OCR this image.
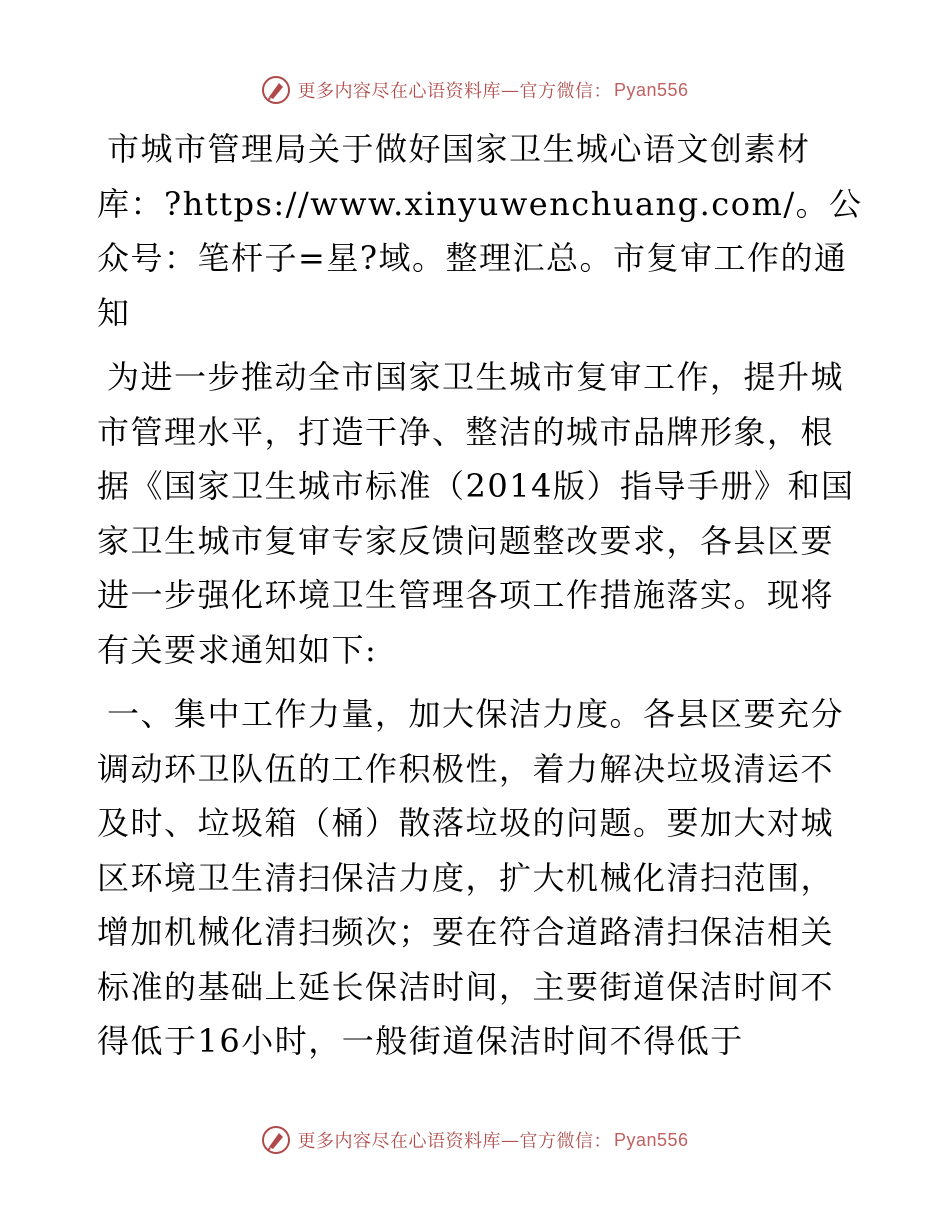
更多内容尽在心语资料库 — 官方微信： Pyan556

市城市管理局关于做好国家卫生城心语文创素材库：?https://www.xinyuwenchuang.com/。公众号：笔杆子=星?域。整理汇总。市复审工作的通知

为进一步推动全市国家卫生城市复审工作，提升城市管理水平，打造干净、整洁的城市品牌形象，根据《国家卫生城市标准（2014版）指导手册》和国家卫生城市复审专家反馈问题整改要求，各县区要进一步强化环境卫生管理各项工作措施落实。现将有关要求通知如下:

一、集中工作力量，加大保洁力度。各县区要充分调动环卫队伍的工作积极性，着力解决垃圾清运不及时、垃圾箱（桶）散落垃圾的问题。要加大对城区环境卫生清扫保洁力度，扩大机械化清扫范围，增加机械化清扫频次；要在符合道路清扫保洁相关标准的基础上延长保洁时间，主要街道保洁时间不得低于16小时，一般街道保洁时间不得低于

更多内容尽在心语资料库 — 官方微信： Pyan556
